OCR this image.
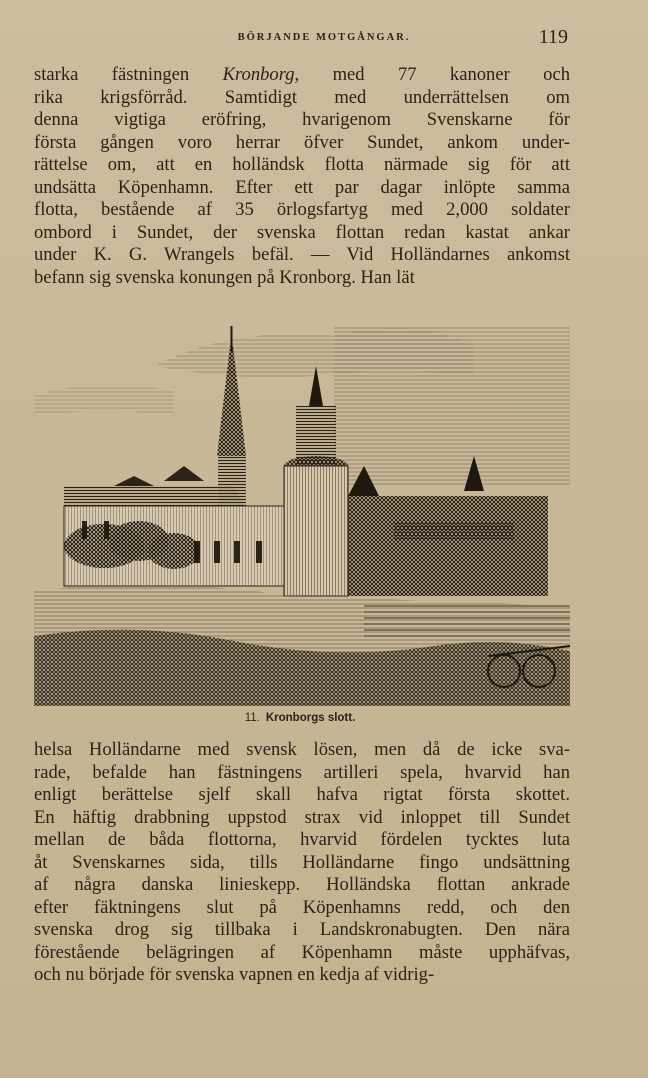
BÖRJANDE MOTGÅNGAR.	119
starka fästningen Kronborg, med 77 kanoner och
rika krigsförråd. Samtidigt med underrättelsen om
denna vigtiga eröfring, hvarigenom Svenskarne för
första gången voro herrar öfver Sundet, ankom under-
rättelse om, att en holländsk flotta närmade sig för att
undsätta Köpenhamn. Efter ett par dagar inlöpte samma
flotta, bestående af 35 örlogsfartyg med 2,000 soldater
ombord i Sundet, der svenska flottan redan kastat ankar
under K. G. Wrangels befäl. — Vid Holländarnes ankomst
befann sig svenska konungen på Kronborg. Han lät
11. Kronborgs slott.
helsa Holländarne med svensk lösen, men då de icke sva-
rade, befalde han fästningens artilleri spela, hvarvid han
enligt berättelse sjelf skall hafva rigtat första skottet.
En häftig drabbning uppstod strax vid inloppet till Sundet
mellan de båda flottorna, hvarvid fördelen tycktes luta
åt Svenskarnes sida, tills Holländarne fingo undsättning
af några danska linieskepp. Holländska flottan ankrade
efter fäktningens slut på Köpenhamns redd, och den
svenska drog sig tillbaka i Landskronabugten. Den nära
förestående belägringen af Köpenhamn måste upphäfvas,
och nu började för svenska vapnen en kedja af vidrig-
